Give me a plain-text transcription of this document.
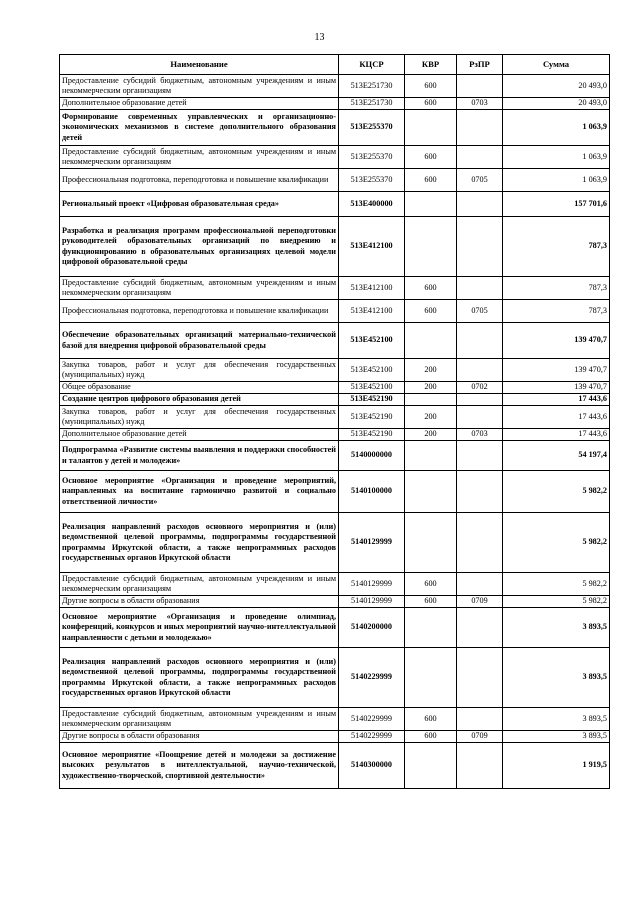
13
Наименование	КЦСР	КВР	РзПР	Сумма
Предоставление субсидий бюджетным, автономным учреждениям и иным некоммерческим организациям	513E251730	600		20 493,0
Дополнительное образование детей	513E251730	600	0703	20 493,0
Формирование современных управленческих и организационно-экономических механизмов в системе дополнительного образования детей	513E255370			1 063,9
Предоставление субсидий бюджетным, автономным учреждениям и иным некоммерческим организациям	513E255370	600		1 063,9
Профессиональная подготовка, переподготовка и повышение квалификации	513E255370	600	0705	1 063,9
Региональный проект «Цифровая образовательная среда»	513E400000			157 701,6
Разработка и реализация программ профессиональной переподготовки руководителей образовательных организаций по внедрению и функционированию в образовательных организациях целевой модели цифровой образовательной среды	513E412100			787,3
Предоставление субсидий бюджетным, автономным учреждениям и иным некоммерческим организациям	513E412100	600		787,3
Профессиональная подготовка, переподготовка и повышение квалификации	513E412100	600	0705	787,3
Обеспечение образовательных организаций материально-технической базой для внедрения цифровой образовательной среды	513E452100			139 470,7
Закупка товаров, работ и услуг для обеспечения государственных (муниципальных) нужд	513E452100	200		139 470,7
Общее образование	513E452100	200	0702	139 470,7
Создание центров цифрового образования детей	513E452190			17 443,6
Закупка товаров, работ и услуг для обеспечения государственных (муниципальных) нужд	513E452190	200		17 443,6
Дополнительное образование детей	513E452190	200	0703	17 443,6
Подпрограмма «Развитие системы выявления и поддержки способностей и талантов у детей и молодежи»	5140000000			54 197,4
Основное мероприятие «Организация и проведение мероприятий, направленных на воспитание гармонично развитой и социально ответственной личности»	5140100000			5 982,2
Реализация направлений расходов основного мероприятия и (или) ведомственной целевой программы, подпрограммы государственной программы Иркутской области, а также непрограммных расходов государственных органов Иркутской области	5140129999			5 982,2
Предоставление субсидий бюджетным, автономным учреждениям и иным некоммерческим организациям	5140129999	600		5 982,2
Другие вопросы в области образования	5140129999	600	0709	5 982,2
Основное мероприятие «Организация и проведение олимпиад, конференций, конкурсов и иных мероприятий научно-интеллектуальной направленности с детьми и молодежью»	5140200000			3 893,5
Реализация направлений расходов основного мероприятия и (или) ведомственной целевой программы, подпрограммы государственной программы Иркутской области, а также непрограммных расходов государственных органов Иркутской области	5140229999			3 893,5
Предоставление субсидий бюджетным, автономным учреждениям и иным некоммерческим организациям	5140229999	600		3 893,5
Другие вопросы в области образования	5140229999	600	0709	3 893,5
Основное мероприятие «Поощрение детей и молодежи за достижение высоких результатов в интеллектуальной, научно-технической, художественно-творческой, спортивной деятельности»	5140300000			1 919,5
